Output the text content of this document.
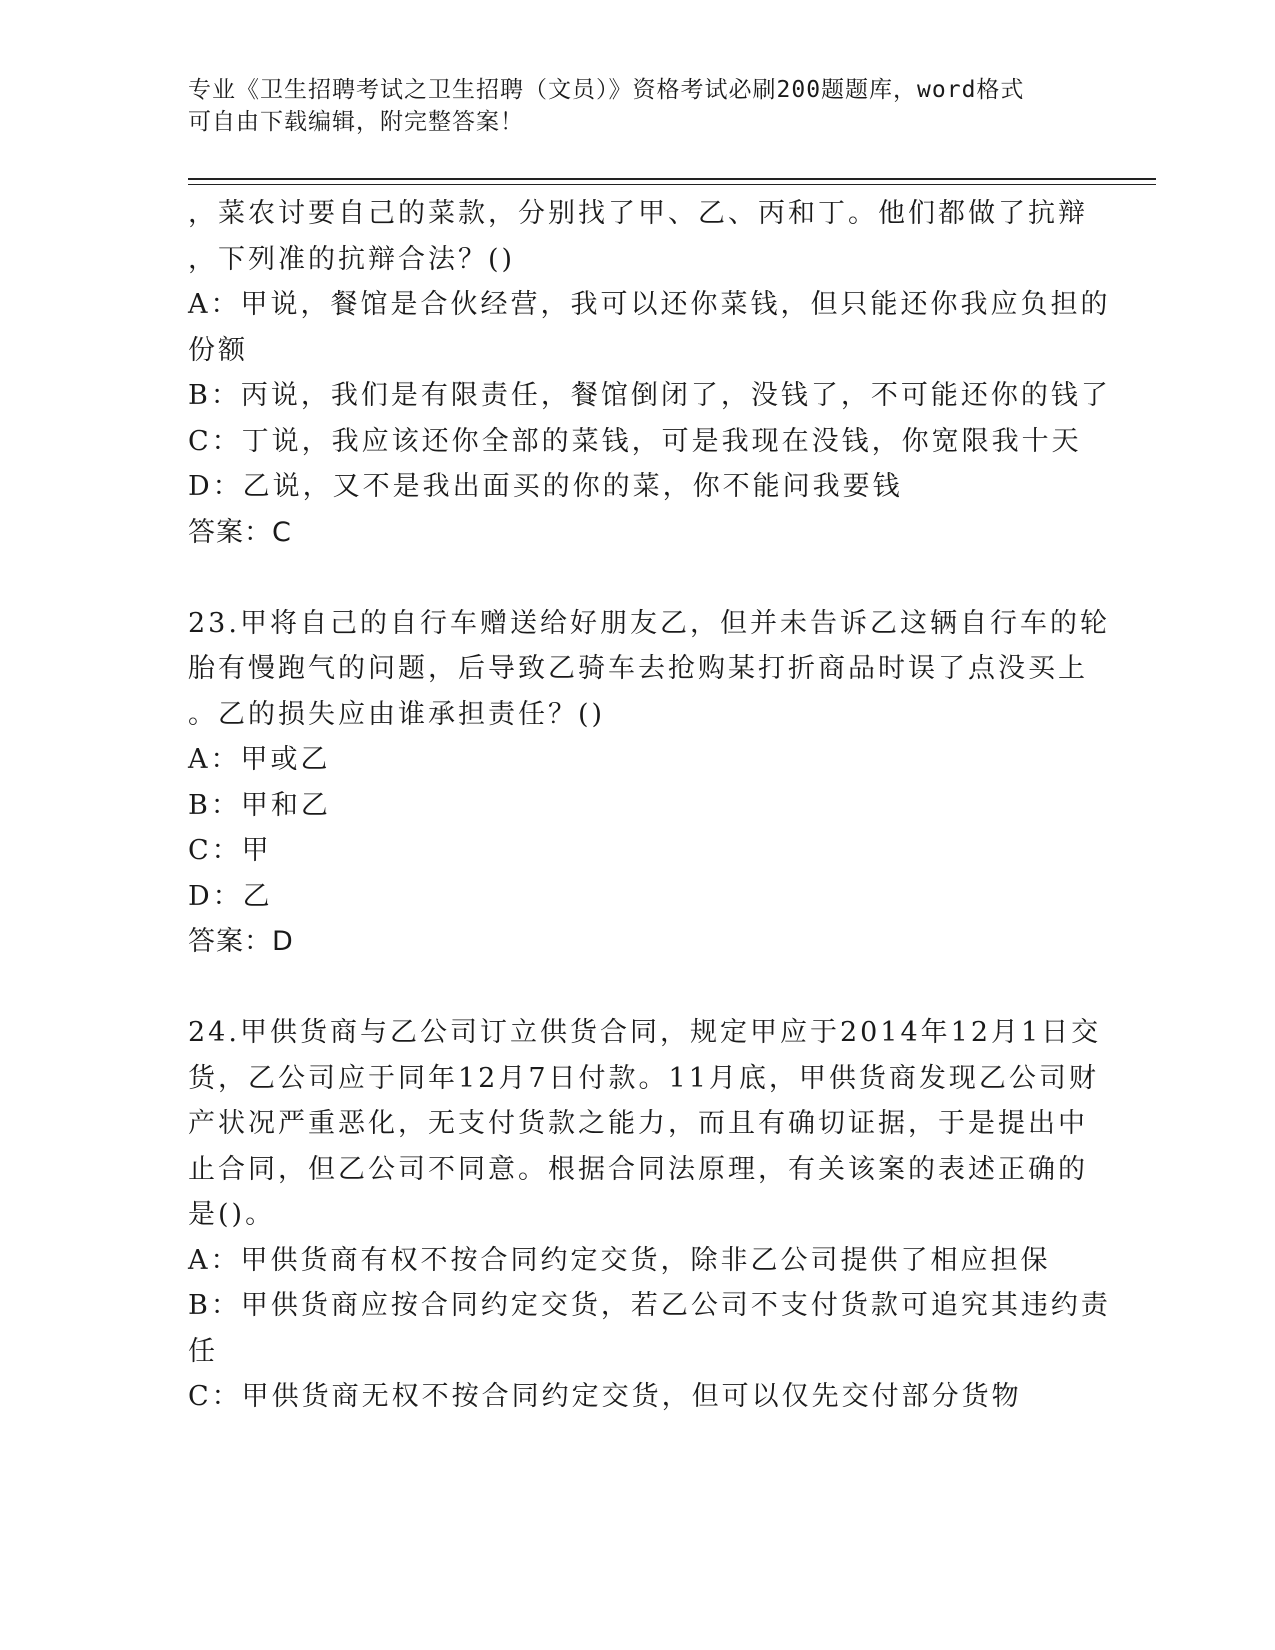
专业《卫生招聘考试之卫生招聘（文员）》资格考试必刷200题题库，word格式
可自由下载编辑，附完整答案！
，菜农讨要自己的菜款，分别找了甲、乙、丙和丁。他们都做了抗辩
，下列准的抗辩合法？()
A：甲说，餐馆是合伙经营，我可以还你菜钱，但只能还你我应负担的
份额
B：丙说，我们是有限责任，餐馆倒闭了，没钱了，不可能还你的钱了
C：丁说，我应该还你全部的菜钱，可是我现在没钱，你宽限我十天
D：乙说，又不是我出面买的你的菜，你不能问我要钱
答案：C
23.甲将自己的自行车赠送给好朋友乙，但并未告诉乙这辆自行车的轮
胎有慢跑气的问题，后导致乙骑车去抢购某打折商品时误了点没买上
。乙的损失应由谁承担责任？()
A：甲或乙
B：甲和乙
C：甲
D：乙
答案：D
24.甲供货商与乙公司订立供货合同，规定甲应于2014年12月1日交
货，乙公司应于同年12月7日付款。11月底，甲供货商发现乙公司财
产状况严重恶化，无支付货款之能力，而且有确切证据，于是提出中
止合同，但乙公司不同意。根据合同法原理，有关该案的表述正确的
是()。
A：甲供货商有权不按合同约定交货，除非乙公司提供了相应担保
B：甲供货商应按合同约定交货，若乙公司不支付货款可追究其违约责
任
C：甲供货商无权不按合同约定交货，但可以仅先交付部分货物
